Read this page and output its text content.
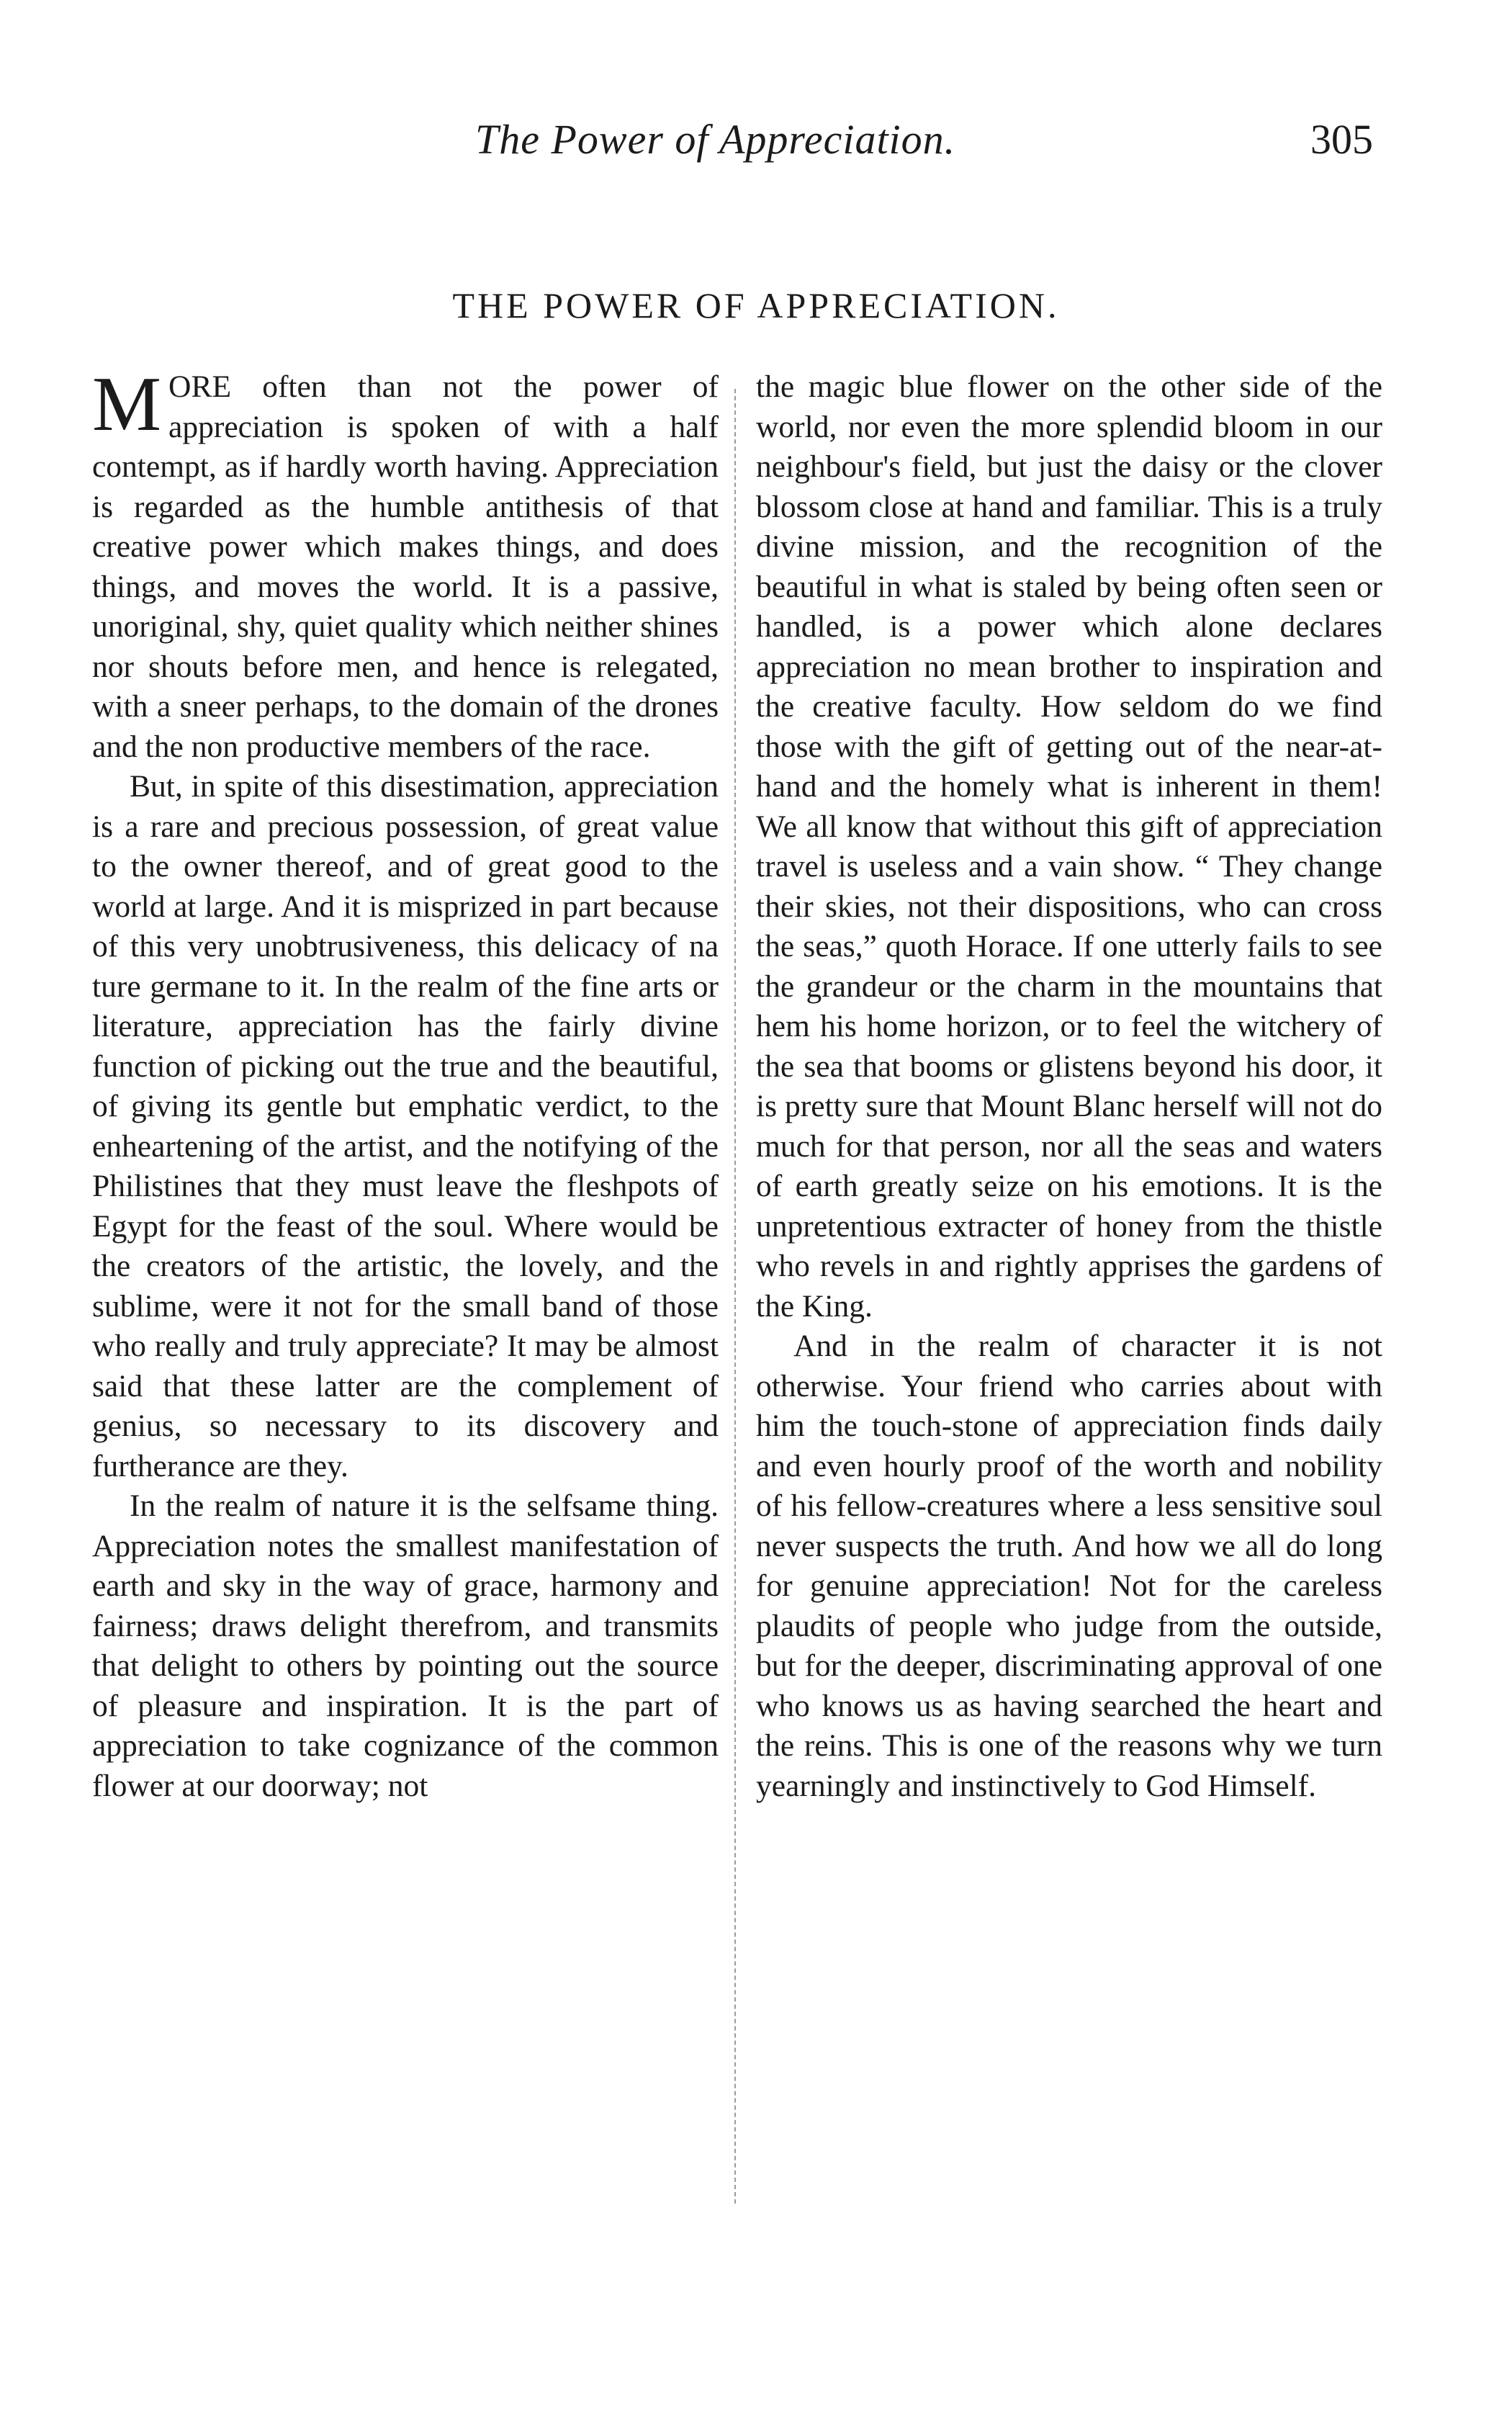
The Power of Appreciation.	305
THE POWER OF APPRECIATION.

MORE often than not the power of appreciation is spoken of with a half contempt, as if hardly worth having. Appreciation is regarded as the humble antithesis of that creative power which makes things, and does things, and moves the world. It is a passive, unoriginal, shy, quiet quality which neither shines nor shouts before men, and hence is relegated, with a sneer perhaps, to the domain of the drones and the non productive members of the race.

But, in spite of this disestimation, appreciation is a rare and precious possession, of great value to the owner thereof, and of great good to the world at large. And it is misprized in part because of this very unobtrusiveness, this delicacy of na ture germane to it. In the realm of the fine arts or literature, appreciation has the fairly divine function of picking out the true and the beautiful, of giving its gentle but emphatic verdict, to the enheartening of the artist, and the notifying of the Philistines that they must leave the fleshpots of Egypt for the feast of the soul. Where would be the creators of the artistic, the lovely, and the sublime, were it not for the small band of those who really and truly appreciate? It may be almost said that these latter are the complement of genius, so necessary to its discovery and furtherance are they.

In the realm of nature it is the selfsame thing. Appreciation notes the smallest manifestation of earth and sky in the way of grace, harmony and fairness; draws delight therefrom, and transmits that delight to others by pointing out the source of pleasure and inspiration. It is the part of appreciation to take cognizance of the common flower at our doorway; not

the magic blue flower on the other side of the world, nor even the more splendid bloom in our neighbour's field, but just the daisy or the clover blossom close at hand and familiar. This is a truly divine mission, and the recognition of the beautiful in what is staled by being often seen or handled, is a power which alone declares appreciation no mean brother to inspiration and the creative faculty. How seldom do we find those with the gift of getting out of the near-at-hand and the homely what is inherent in them! We all know that without this gift of appreciation travel is useless and a vain show. “ They change their skies, not their dispositions, who can cross the seas,” quoth Horace. If one utterly fails to see the grandeur or the charm in the mountains that hem his home horizon, or to feel the witchery of the sea that booms or glistens beyond his door, it is pretty sure that Mount Blanc herself will not do much for that person, nor all the seas and waters of earth greatly seize on his emotions. It is the unpretentious extracter of honey from the thistle who revels in and rightly apprises the gardens of the King.

And in the realm of character it is not otherwise. Your friend who carries about with him the touch-stone of appreciation finds daily and even hourly proof of the worth and nobility of his fellow-creatures where a less sensitive soul never suspects the truth. And how we all do long for genuine appreciation! Not for the careless plaudits of people who judge from the outside, but for the deeper, discriminating approval of one who knows us as having searched the heart and the reins. This is one of the reasons why we turn yearningly and instinctively to God Himself.
